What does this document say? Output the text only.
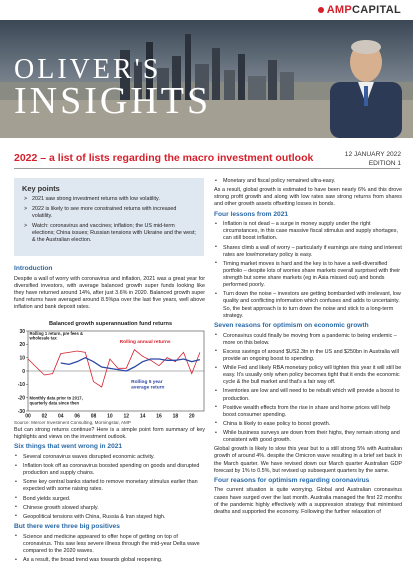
OLIVER'S
INSIGHTS
AMPCAPITAL
2022 – a list of lists regarding the macro investment outlook	12 JANUARY 2022
EDITION 1
Key points
> 2021 saw strong investment returns with low volatility.
> 2022 is likely to see more constrained returns with increased volatility.
> Watch: coronavirus and vaccines; inflation; the US mid-term elections; China issues; Russian tensions with Ukraine and the west; & the Australian election.
Introduction
Despite a wall of worry with coronavirus and inflation, 2021 was a great year for diversified investors, with average balanced growth super funds looking like they have returned around 14%, after just 3.6% in 2020. Balanced growth super fund returns have averaged around 8.5%pa over the last five years, well above inflation and bank deposit rates.
Balanced growth superannuation fund returns
30
20
10
0
-10
-20
-30
00 02 04 06 08 10 12 14 16 18 20
Rolling annual returns
Rolling 5 year average return
Monthly data prior to 2017, quarterly data since then
Rolling 1 return, pre fees & wholesale tax
Source: Mercer Investment Consulting, Morningstar, AMP
But can strong returns continue? Here is a simple point form summary of key highlights and views on the investment outlook.
Six things that went wrong in 2021
• Several coronavirus waves disrupted economic activity.
• Inflation took off as coronavirus boosted spending on goods and disrupted production and supply chains.
• Some key central banks started to remove monetary stimulus earlier than expected with some raising rates.
• Bond yields surged.
• Chinese growth slowed sharply.
• Geopolitical tensions with China, Russia & Iran stayed high.
But there were three big positives
• Science and medicine appeared to offer hope of getting on top of coronavirus. This saw less severe illness through the mid-year Delta wave compared to the 2020 waves.
• As a result, the broad trend was towards global reopening.
• Monetary and fiscal policy remained ultra-easy.
As a result, global growth is estimated to have been nearly 6% and this drove strong profit growth and along with low rates saw strong returns from shares and other growth assets offsetting losses in bonds.
Four lessons from 2021
• Inflation is not dead – a surge in money supply under the right circumstances, in this case massive fiscal stimulus and supply shortages, can still boost inflation.
• Shares climb a wall of worry – particularly if earnings are rising and interest rates are low/monetary policy is easy.
• Timing market moves is hard and the key is to have a well-diversified portfolio – despite lots of worries share markets overall surprised with their strength but some share markets (eg in Asia missed out) and bonds performed poorly.
• Turn down the noise – investors are getting bombarded with irrelevant, low quality and conflicting information which confuses and adds to uncertainty. So, the best approach is to turn down the noise and stick to a long-term strategy.
Seven reasons for optimism on economic growth
• Coronavirus could finally be moving from a pandemic to being endemic – more on this below.
• Excess savings of around $US2.3tn in the US and $250bn in Australia will provide an ongoing boost to spending.
• While Fed and likely RBA monetary policy will tighten this year it will still be easy. It's usually only when policy becomes tight that it ends the economic cycle & the bull market and that's a fair way off.
• Inventories are low and will need to be rebuilt which will provide a boost to production.
• Positive wealth effects from the rise in share and home prices will help boost consumer spending.
• China is likely to ease policy to boost growth.
• While business surveys are down from their highs, they remain strong and consistent with good growth.
Global growth is likely to slow this year but to a still strong 5% with Australian growth of around 4%. despite the Omicron wave resulting in a brief set back in the March quarter. We have revised down our March quarter Australian GDP forecast by 1% to 0.5%, but revised up subsequent quarters by the same.
Four reasons for optimism regarding coronavirus
The current situation is quite worrying. Global and Australian coronavirus cases have surged over the last month. Australia managed the first 22 months of the pandemic highly effectively with a suppression strategy that minimised deaths and supported the economy. Following the further relaxation of
